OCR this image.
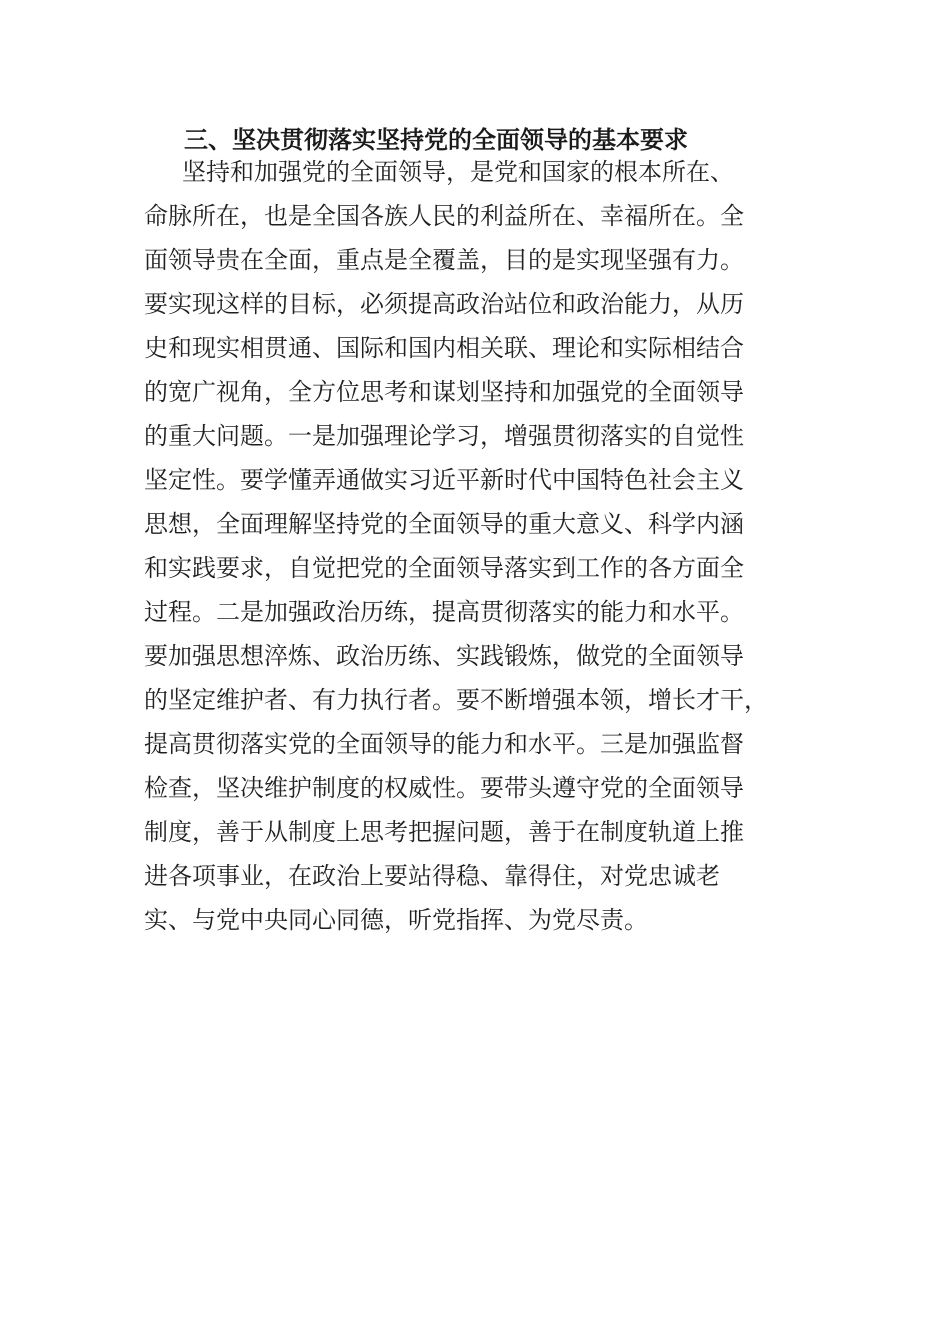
三、坚决贯彻落实坚持党的全面领导的基本要求
坚持和加强党的全面领导，是党和国家的根本所在、
命脉所在，也是全国各族人民的利益所在、幸福所在。全
面领导贵在全面，重点是全覆盖，目的是实现坚强有力。
要实现这样的目标，必须提高政治站位和政治能力，从历
史和现实相贯通、国际和国内相关联、理论和实际相结合
的宽广视角，全方位思考和谋划坚持和加强党的全面领导
的重大问题。一是加强理论学习，增强贯彻落实的自觉性
坚定性。要学懂弄通做实习近平新时代中国特色社会主义
思想，全面理解坚持党的全面领导的重大意义、科学内涵
和实践要求，自觉把党的全面领导落实到工作的各方面全
过程。二是加强政治历练，提高贯彻落实的能力和水平。
要加强思想淬炼、政治历练、实践锻炼，做党的全面领导
的坚定维护者、有力执行者。要不断增强本领，增长才干，
提高贯彻落实党的全面领导的能力和水平。三是加强监督
检查，坚决维护制度的权威性。要带头遵守党的全面领导
制度，善于从制度上思考把握问题，善于在制度轨道上推
进各项事业，在政治上要站得稳、靠得住，对党忠诚老
实、与党中央同心同德，听党指挥、为党尽责。
